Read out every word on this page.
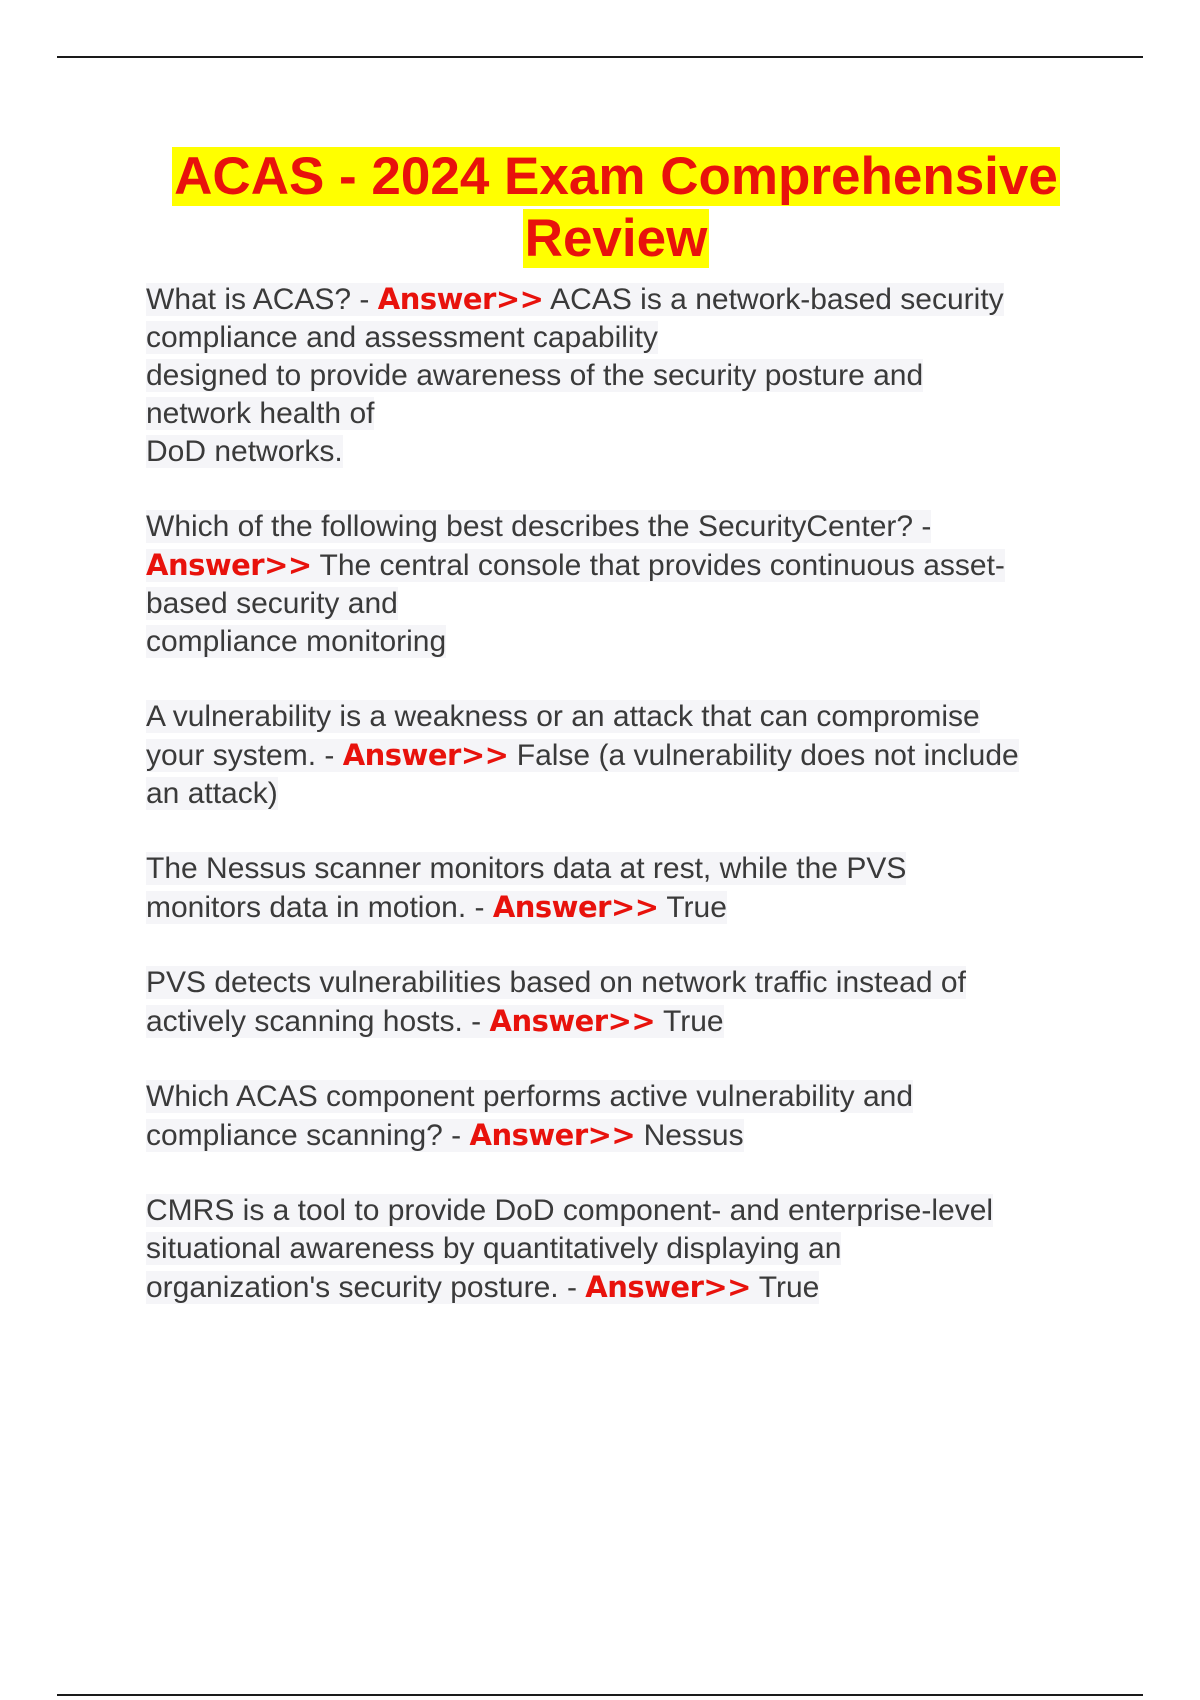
ACAS - 2024 Exam Comprehensive
Review

What is ACAS? - Answer>> ACAS is a network-based security

compliance and assessment capability

designed to provide awareness of the security posture and

network health of

DoD networks.

Which of the following best describes the SecurityCenter? -

Answer>> The central console that provides continuous asset-

based security and

compliance monitoring

A vulnerability is a weakness or an attack that can compromise

your system. - Answer>> False (a vulnerability does not include

an attack)

The Nessus scanner monitors data at rest, while the PVS

monitors data in motion. - Answer>> True

PVS detects vulnerabilities based on network traffic instead of

actively scanning hosts. - Answer>> True

Which ACAS component performs active vulnerability and

compliance scanning? - Answer>> Nessus

CMRS is a tool to provide DoD component- and enterprise-level

situational awareness by quantitatively displaying an

organization's security posture. - Answer>> True
